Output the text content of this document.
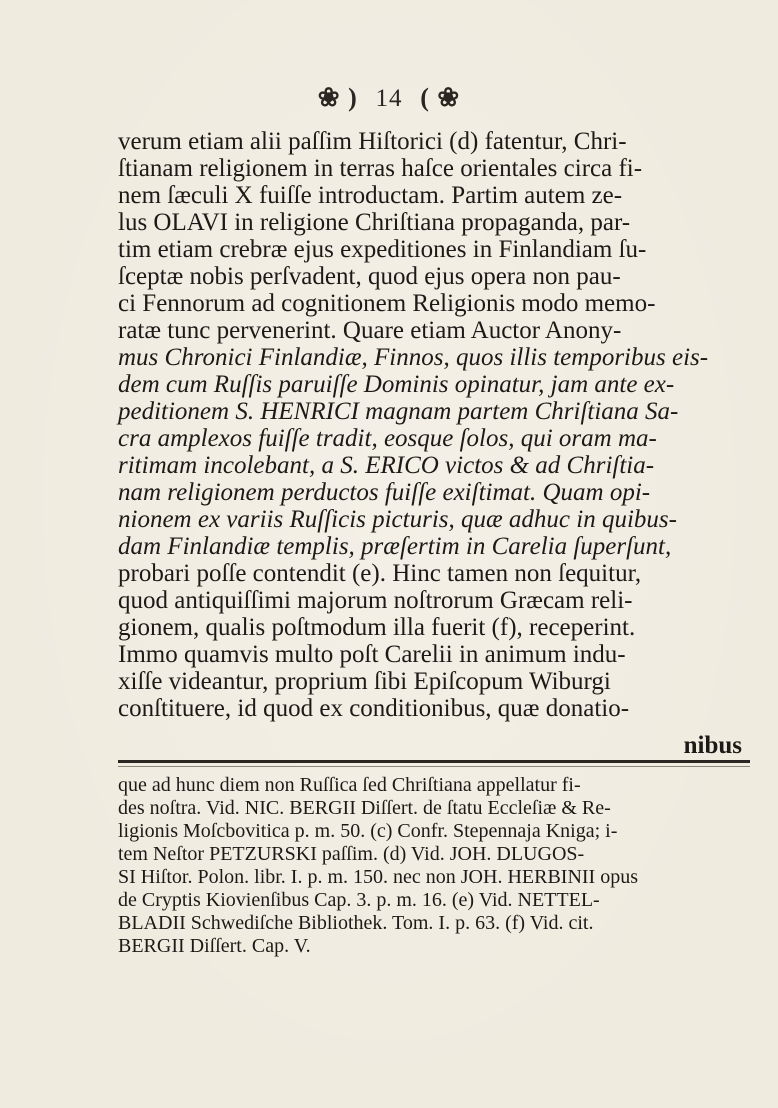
❀ ) 14 ( ❀
verum etiam alii paſſim Hiſtorici (d) fatentur, Chri-
ſtianam religionem in terras haſce orientales circa fi-
nem ſæculi X fuiſſe introductam. Partim autem ze-
lus OLAVI in religione Chriſtiana propaganda, par-
tim etiam crebræ ejus expeditiones in Finlandiam ſu-
ſceptæ nobis perſvadent, quod ejus opera non pau-
ci Fennorum ad cognitionem Religionis modo memo-
ratæ tunc pervenerint. Quare etiam Auctor Anony-
mus Chronici Finlandiæ, Finnos, quos illis temporibus eis-
dem cum Ruſſis paruiſſe Dominis opinatur, jam ante ex-
peditionem S. HENRICI magnam partem Chriſtiana Sa-
cra amplexos fuiſſe tradit, eosque ſolos, qui oram ma-
ritimam incolebant, a S. ERICO victos & ad Chriſtia-
nam religionem perductos fuiſſe exiſtimat. Quam opi-
nionem ex variis Ruſſicis picturis, quæ adhuc in quibus-
dam Finlandiæ templis, præſertim in Carelia ſuperſunt,
probari poſſe contendit (e). Hinc tamen non ſequitur,
quod antiquiſſimi majorum noſtrorum Græcam reli-
gionem, qualis poſtmodum illa fuerit (f), receperint.
Immo quamvis multo poſt Carelii in animum indu-
xiſſe videantur, proprium ſibi Epiſcopum Wiburgi
conſtituere, id quod ex conditionibus, quæ donatio-
nibus
que ad hunc diem non Ruſſica ſed Chriſtiana appellatur fi-
des noſtra. Vid. NIC. BERGII Diſſert. de ſtatu Eccleſiæ & Re-
ligionis Moſcbovitica p. m. 50. (c) Confr. Stepennaja Kniga; i-
tem Neſtor PETZURSKI paſſim. (d) Vid. JOH. DLUGOS-
SI Hiſtor. Polon. libr. I. p. m. 150. nec non JOH. HERBINII opus
de Cryptis Kiovienſibus Cap. 3. p. m. 16. (e) Vid. NETTEL-
BLADII Schwediſche Bibliothek. Tom. I. p. 63. (f) Vid. cit.
BERGII Diſſert. Cap. V.
